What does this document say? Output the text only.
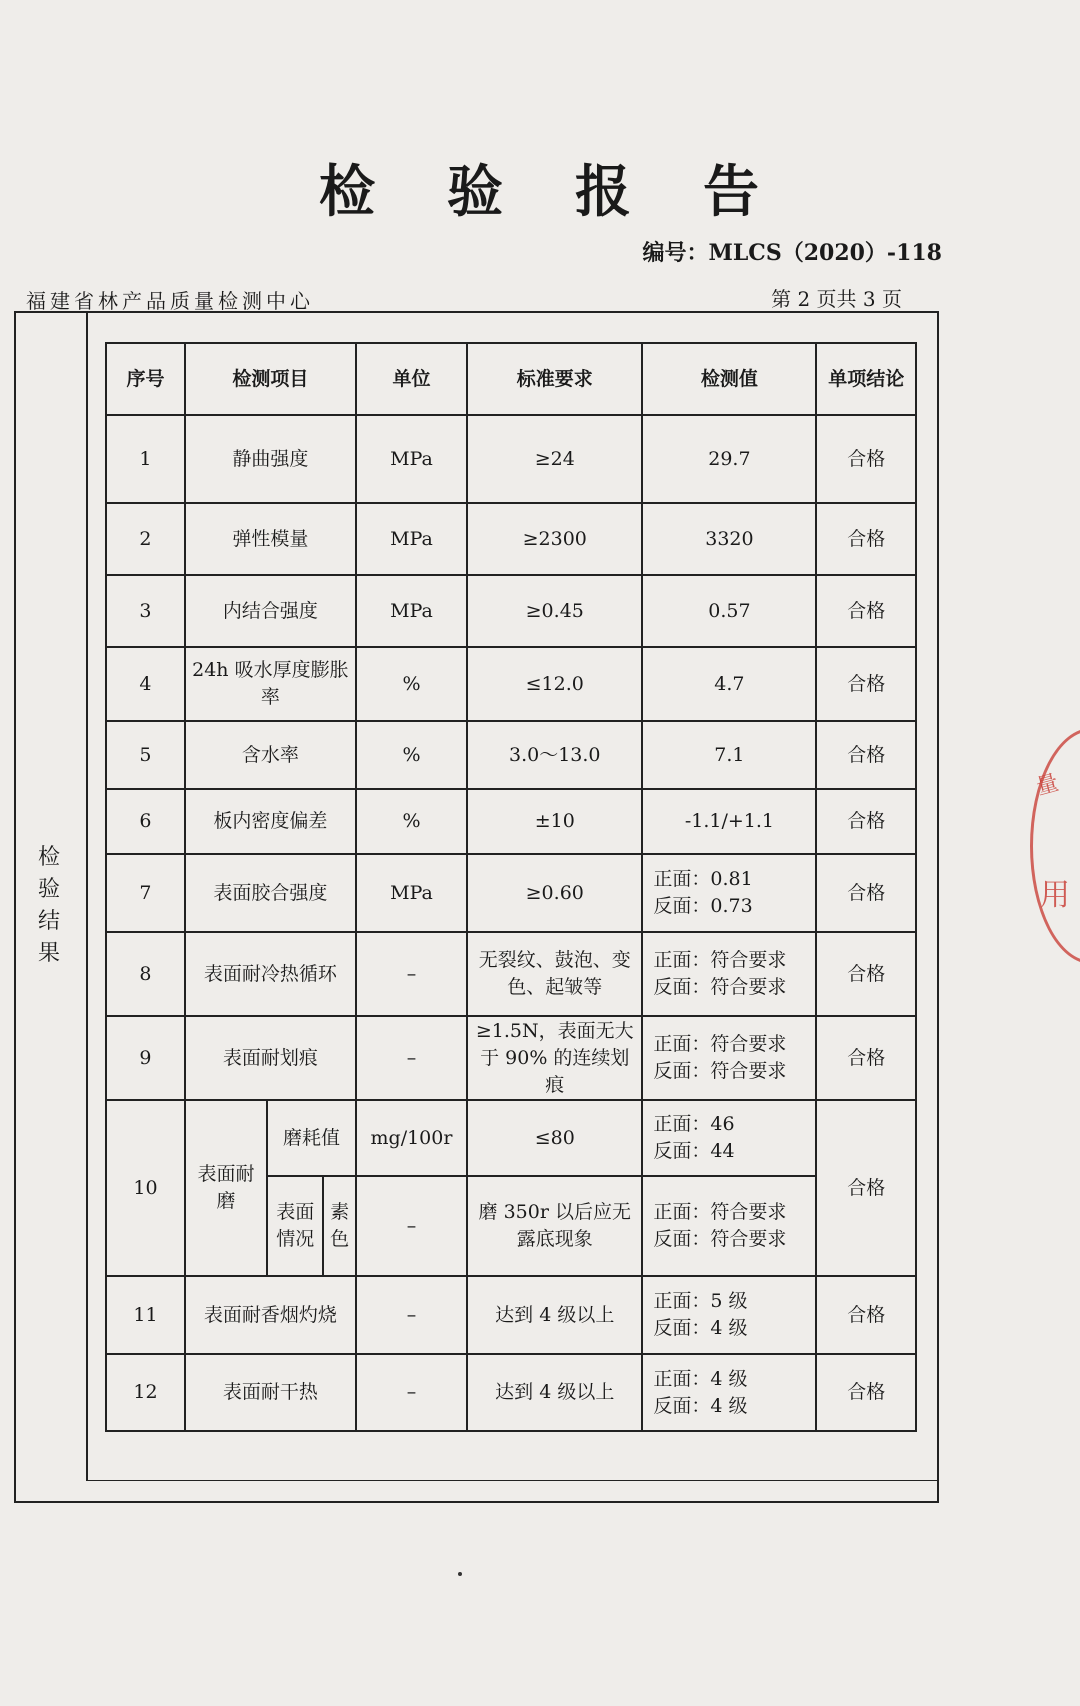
检 验 报 告
编号：MLCS（2020）-118
福建省林产品质量检测中心	第 2 页共 3 页
检验结果
序号	检测项目			单位	标准要求	检测值	单项结论
1	静曲强度			MPa	≥24	29.7	合格
2	弹性模量			MPa	≥2300	3320	合格
3	内结合强度			MPa	≥0.45	0.57	合格
4	24h 吸水厚度膨胀率			%	≤12.0	4.7	合格
5	含水率			%	3.0～13.0	7.1	合格
6	板内密度偏差			%	±10	-1.1/+1.1	合格
7	表面胶合强度			MPa	≥0.60	正面：0.81
反面：0.73	合格
8	表面耐冷热循环			–	无裂纹、鼓泡、变色、起皱等	正面：符合要求
反面：符合要求	合格
9	表面耐划痕			–	≥1.5N，表面无大于 90% 的连续划痕	正面：符合要求
反面：符合要求	合格
10	表面耐磨	磨耗值		mg/100r	≤80	正面：46
反面：44	合格
		表面情况	素色	–	磨 350r 以后应无露底现象	正面：符合要求
反面：符合要求	

11	表面耐香烟灼烧			–	达到 4 级以上	正面：5 级
反面：4 级	合格
12	表面耐干热			–	达到 4 级以上	正面：4 级
反面：4 级	合格
量
用
